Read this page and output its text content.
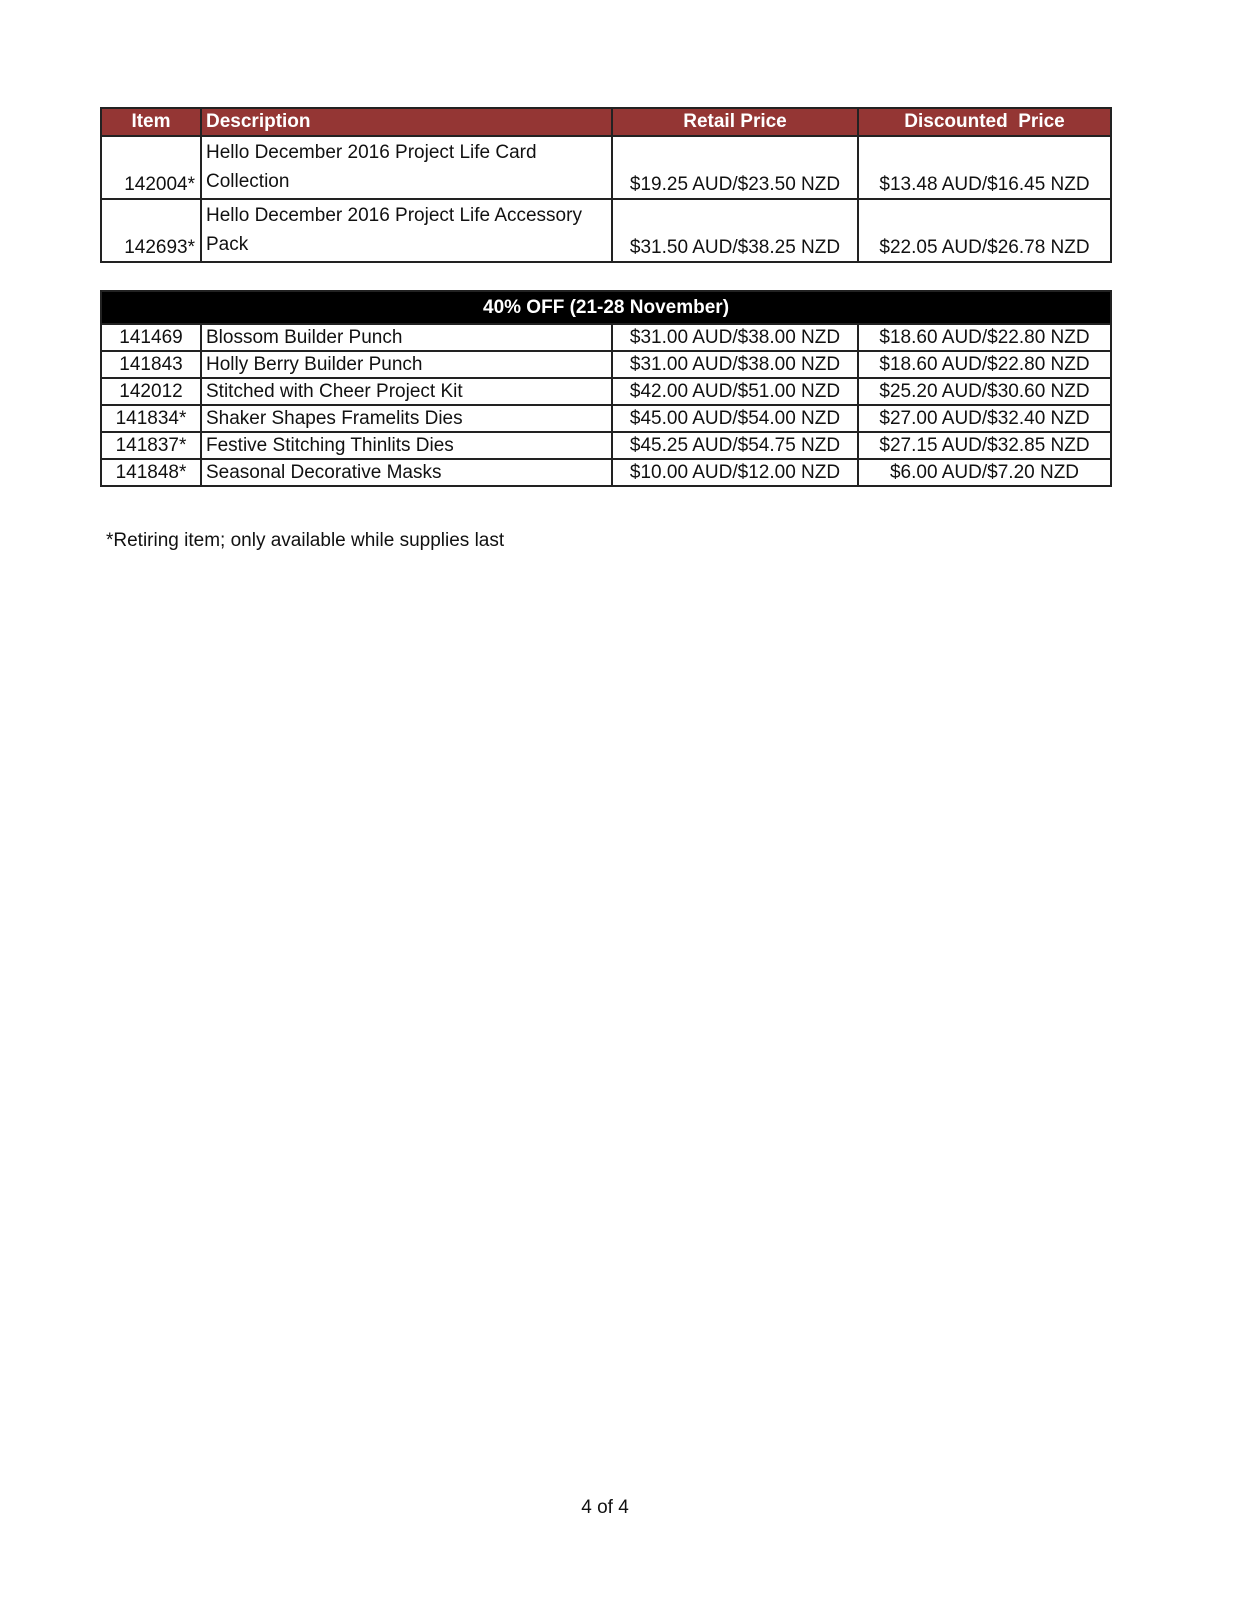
Item	Description	Retail Price	Discounted  Price
142004*	Hello December 2016 Project Life Card Collection	$19.25 AUD/$23.50 NZD	$13.48 AUD/$16.45 NZD
142693*	Hello December 2016 Project Life Accessory Pack	$31.50 AUD/$38.25 NZD	$22.05 AUD/$26.78 NZD
40% OFF (21-28 November)			
141469	Blossom Builder Punch	$31.00 AUD/$38.00 NZD	$18.60 AUD/$22.80 NZD
141843	Holly Berry Builder Punch	$31.00 AUD/$38.00 NZD	$18.60 AUD/$22.80 NZD
142012	Stitched with Cheer Project Kit	$42.00 AUD/$51.00 NZD	$25.20 AUD/$30.60 NZD
141834*	Shaker Shapes Framelits Dies	$45.00 AUD/$54.00 NZD	$27.00 AUD/$32.40 NZD
141837*	Festive Stitching Thinlits Dies	$45.25 AUD/$54.75 NZD	$27.15 AUD/$32.85 NZD
141848*	Seasonal Decorative Masks	$10.00 AUD/$12.00 NZD	$6.00 AUD/$7.20 NZD
*Retiring item; only available while supplies last
4 of 4
